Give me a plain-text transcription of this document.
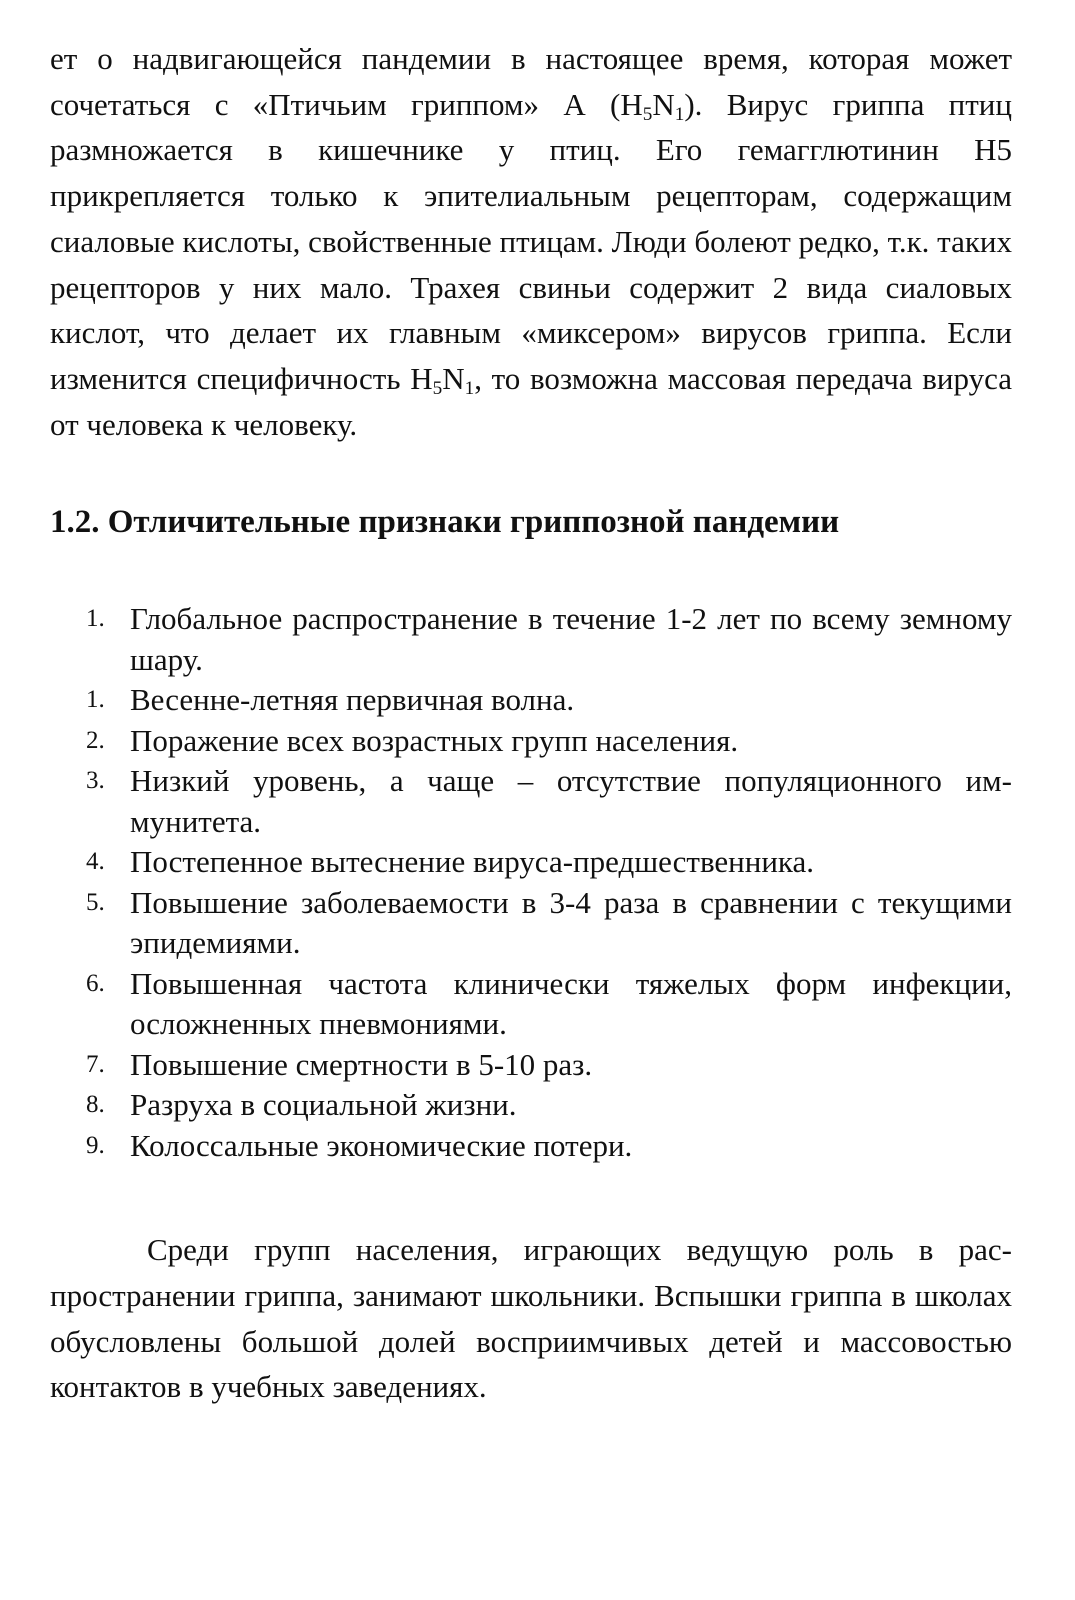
ет о надвигающейся пандемии в настоящее время, которая может сочетаться с «Птичьим гриппом» А $(H_5N_1)$. Вирус гриппа птиц размножается в кишечнике у птиц. Его гемагглютинин H5 прикрепляется только к эпителиальным рецепторам, содержащим сиаловые кислоты, свойственные птицам. Люди болеют редко, т.к. таких рецепторов у них мало. Трахея свиньи содержит 2 вида сиаловых кислот, что делает их главным «миксером» вирусов гриппа. Если изменится специфичность $H_5N_1$, то возможна массовая передача вируса от человека к человеку.

1.2. Отличительные признаки гриппозной пандемии
1. Глобальное распространение в течение 1-2 лет по всему земному шару.
1. Весенне-летняя первичная волна.
2. Поражение всех возрастных групп населения.
3. Низкий уровень, а чаще – отсутствие популяционного иммунитета.
4. Постепенное вытеснение вируса-предшественника.
5. Повышение заболеваемости в 3-4 раза в сравнении с текущими эпидемиями.
6. Повышенная частота клинически тяжелых форм инфекции, осложненных пневмониями.
7. Повышение смертности в 5-10 раз.
8. Разруха в социальной жизни.
9. Колоссальные экономические потери.

Среди групп населения, играющих ведущую роль в распространении гриппа, занимают школьники. Вспышки гриппа в школах обусловлены большой долей восприимчивых детей и массовостью контактов в учебных заведениях.
